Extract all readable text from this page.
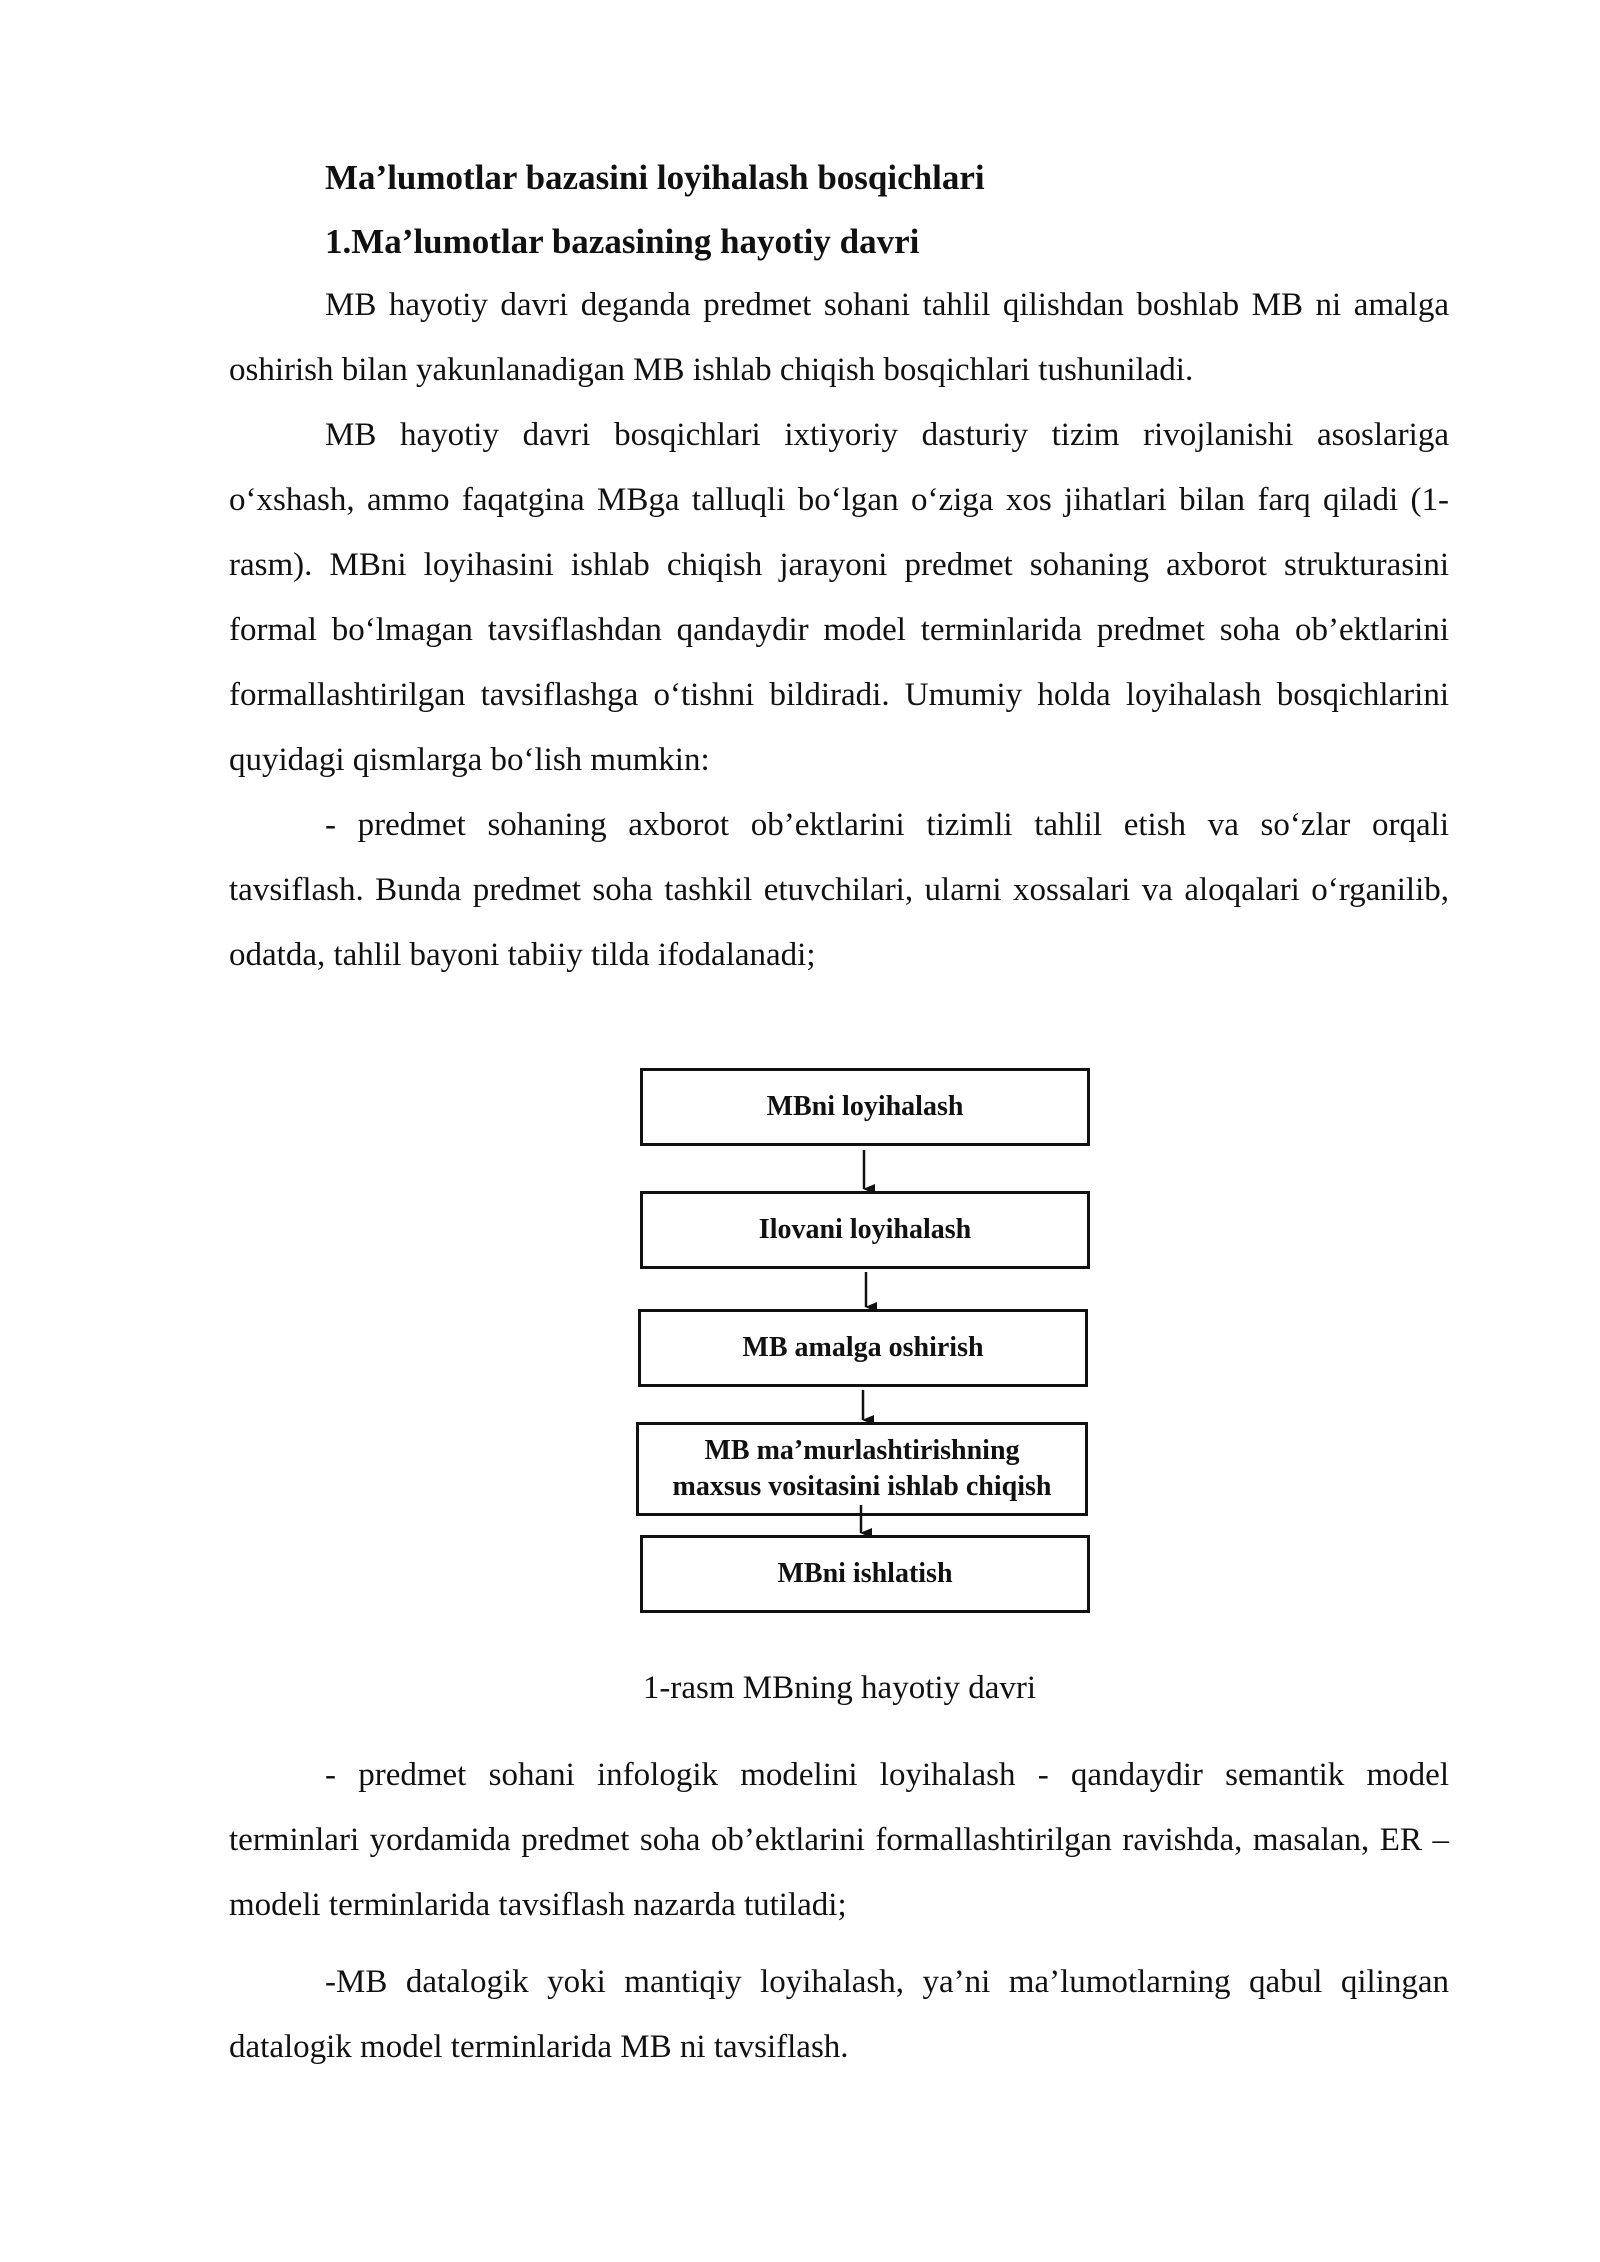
Ma’lumotlar bazasini loyihalash bosqichlari
1.Ma’lumotlar bazasining hayotiy davri

MB hayotiy davri deganda predmet sohani tahlil qilishdan boshlab MB ni amalga oshirish bilan yakunlanadigan MB ishlab chiqish bosqichlari tushuniladi.

MB hayotiy davri bosqichlari ixtiyoriy dasturiy tizim rivojlanishi asoslariga o‘xshash, ammo faqatgina MBga talluqli bo‘lgan o‘ziga xos jihatlari bilan farq qiladi (1-rasm). MBni loyihasini ishlab chiqish jarayoni predmet sohaning axborot strukturasini formal bo‘lmagan tavsiflashdan qandaydir model terminlarida predmet soha ob’ektlarini formallashtirilgan tavsiflashga o‘tishni bildiradi. Umumiy holda loyihalash bosqichlarini quyidagi qismlarga bo‘lish mumkin:

- predmet sohaning axborot ob’ektlarini tizimli tahlil etish va so‘zlar orqali tavsiflash. Bunda predmet soha tashkil etuvchilari, ularni xossalari va aloqalari o‘rganilib, odatda, tahlil bayoni tabiiy tilda ifodalanadi;

MBni loyihalash
Ilovani loyihalash
MB amalga oshirish
MB ma’murlashtirishning
maxsus vositasini ishlab chiqish
MBni ishlatish
1-rasm MBning hayotiy davri

- predmet sohani infologik modelini loyihalash - qandaydir semantik model terminlari yordamida predmet soha ob’ektlarini formallashtirilgan ravishda, masalan, ER – modeli terminlarida tavsiflash nazarda tutiladi;

-MB datalogik yoki mantiqiy loyihalash, ya’ni ma’lumotlarning qabul qilingan datalogik model terminlarida MB ni tavsiflash.
